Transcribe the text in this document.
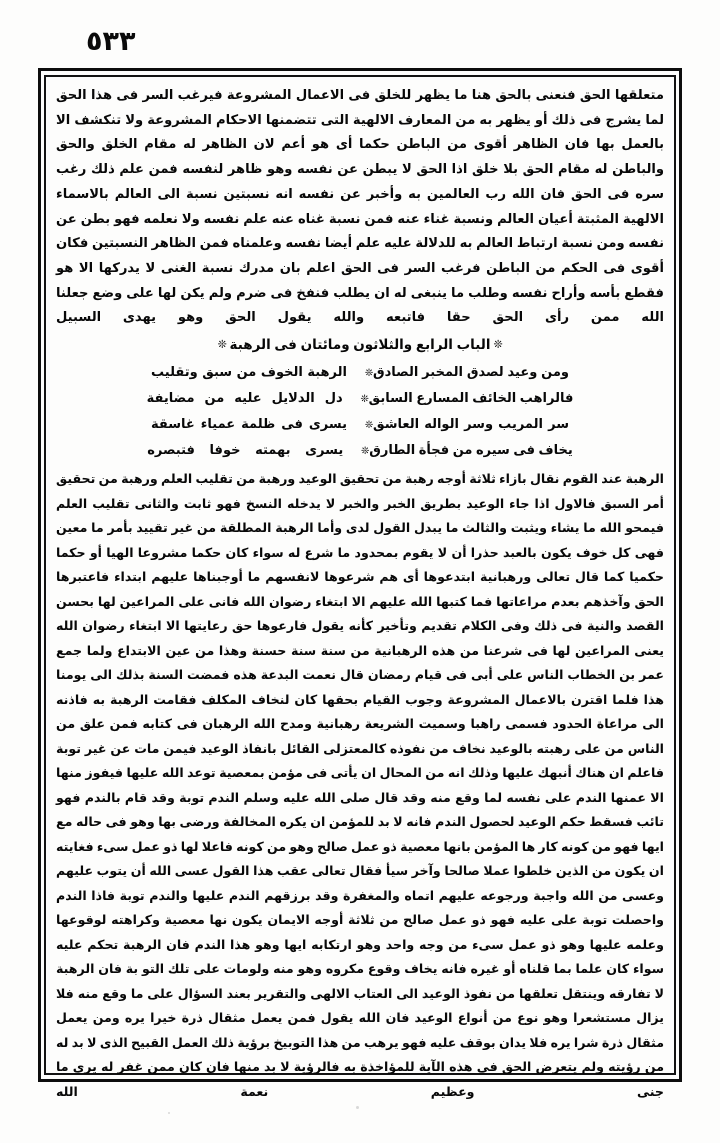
٥٣٣

متعلقها الحق فنعنى بالحق هنا ما يظهر للخلق فى الاعمال المشروعة فيرغب السر فى هذا الحق لما يشرج فى ذلك أو يظهر به من المعارف الالهية التى تتضمنها الاحكام المشروعة ولا تنكشف الا بالعمل بها فان الظاهر أقوى من الباطن حكما أى هو أعم لان الظاهر له مقام الخلق والحق والباطن له مقام الحق بلا خلق اذا الحق لا يبطن عن نفسه وهو ظاهر لنفسه فمن علم ذلك رغب سره فى الحق فان الله رب العالمين به وأخبر عن نفسه انه نسبتين نسبة الى العالم بالاسماء الالهية المثبتة أعيان العالم ونسبة غناء عنه فمن نسبة غناه عنه علم نفسه ولا نعلمه فهو بطن عن نفسه ومن نسبة ارتباط العالم به للدلالة عليه علم أيضا نفسه وعلمناه فمن الظاهر النسبتين فكان أقوى فى الحكم من الباطن فرغب السر فى الحق اعلم بان مدرك نسبة الغنى لا يدركها الا هو فقطع بأسه وأراح نفسه وطلب ما ينبغى له ان يطلب فنفخ فى ضرم ولم يكن لها على وضع جعلنا الله ممن رأى الحق حقا فاتبعه والله يقول الحق وهو يهدى السبيل

❊الباب الرابع والثلاثون ومائتان فى الرهبة❊
ومن وعيد لصدق المخبر الصادق
❊
الرهبة الخوف من سبق وتقليب
فالراهب الخائف المسارع السابق
❊
دل الدلايل عليه من مضايفة
سر المريب وسر الواله العاشق
❊
يسرى فى ظلمة عمياء غاسقة
يخاف فى سيره من فجأة الطارق
❊
يسرى بهمته خوفا فتبصره

الرهبة عند القوم نقال بازاء ثلاثة أوجه رهبة من تحقيق الوعيد ورهبة من تقليب العلم ورهبة من تحقيق أمر السبق فالاول اذا جاء الوعيد بطريق الخبر والخبر لا يدخله النسخ فهو ثابت والثانى تقليب العلم فيمحو الله ما يشاء ويثبت والثالث ما يبدل القول لدى وأما الرهبة المطلقة من غير تقييد بأمر ما معين فهى كل خوف يكون بالعبد حذرا أن لا يقوم بمحدود ما شرع له سواء كان حكما مشروعا الهيا أو حكما حكميا كما قال تعالى ورهبانية ابتدعوها أى هم شرعوها لانفسهم ما أوجبناها عليهم ابتداء فاعتبرها الحق وآخذهم بعدم مراعاتها فما كتبها الله عليهم الا ابتغاء رضوان الله فانى على المراعين لها بحسن القصد والنية فى ذلك وفى الكلام تقديم وتأخير كأنه يقول فارعوها حق رعايتها الا ابتغاء رضوان الله يعنى المراعين لها فى شرعنا من هذه الرهبانية من سنة سنة حسنة وهذا من عين الابتداع ولما جمع عمر بن الخطاب الناس على أبى فى قيام رمضان قال نعمت البدعة هذه فمضت السنة بذلك الى يومنا هذا فلما اقترن بالاعمال المشروعة وجوب القيام بحقها كان لنخاف المكلف فقامت الرهبة به فاذنه الى مراعاة الحدود فسمى راهبا وسميت الشريعة رهبانية ومدح الله الرهبان فى كتابه فمن علق من الناس من على رهبته بالوعيد نخاف من نفوذه كالمعتزلى القائل بانفاذ الوعيد فيمن مات عن غير توبة فاعلم ان هناك أنبهك عليها وذلك انه من المحال ان يأتى فى مؤمن بمعصية توعد الله عليها فيفوز منها الا عمنها الندم على نفسه لما وقع منه وقد قال صلى الله عليه وسلم الندم توبة وقد قام بالندم فهو تائب فسقط حكم الوعيد لحصول الندم فانه لا بد للمؤمن ان يكره المخالفة ورضى بها وهو فى حاله مع ايها فهو من كونه كار ها المؤمن بانها معصية ذو عمل صالح وهو من كونه فاعلا لها ذو عمل سىء فغايته ان يكون من الذين خلطوا عملا صالحا وآخر سيأ فقال تعالى عقب هذا القول عسى الله أن يتوب عليهم وعسى من الله واجبة ورجوعه عليهم اتماه والمغفرة وقد برزقهم الندم عليها والندم توبة فاذا الندم واحصلت توبة على عليه فهو ذو عمل صالح من ثلاثة أوجه الايمان يكون نها معصية وكراهته لوقوعها وعلمه عليها وهو ذو عمل سىء من وجه واحد وهو ارتكابه ايها وهو هذا الندم فان الرهبة تحكم عليه سواء كان علما بما قلناه أو غيره فانه يخاف وقوع مكروه وهو منه ولومات على تلك التو بة فان الرهبة لا تفارقه وينتقل تعلقها من نفوذ الوعيد الى العتاب الالهى والتقرير بعند السؤال على ما وقع منه فلا يزال مستشعرا وهو نوع من أنواع الوعيد فان الله يقول فمن يعمل مثقال ذرة خيرا يره ومن يعمل مثقال ذرة شرا يره فلا يدان بوقف عليه فهو يرهب من هذا التوبيخ برؤية ذلك العمل القبيح الذى لا بد له من رؤيته ولم يتعرض الحق فى هذه الآية للمؤاخذة به فالرؤية لا بد منها فان كان ممن غفر له يرى ما جنى وعظيم نعمة الله
